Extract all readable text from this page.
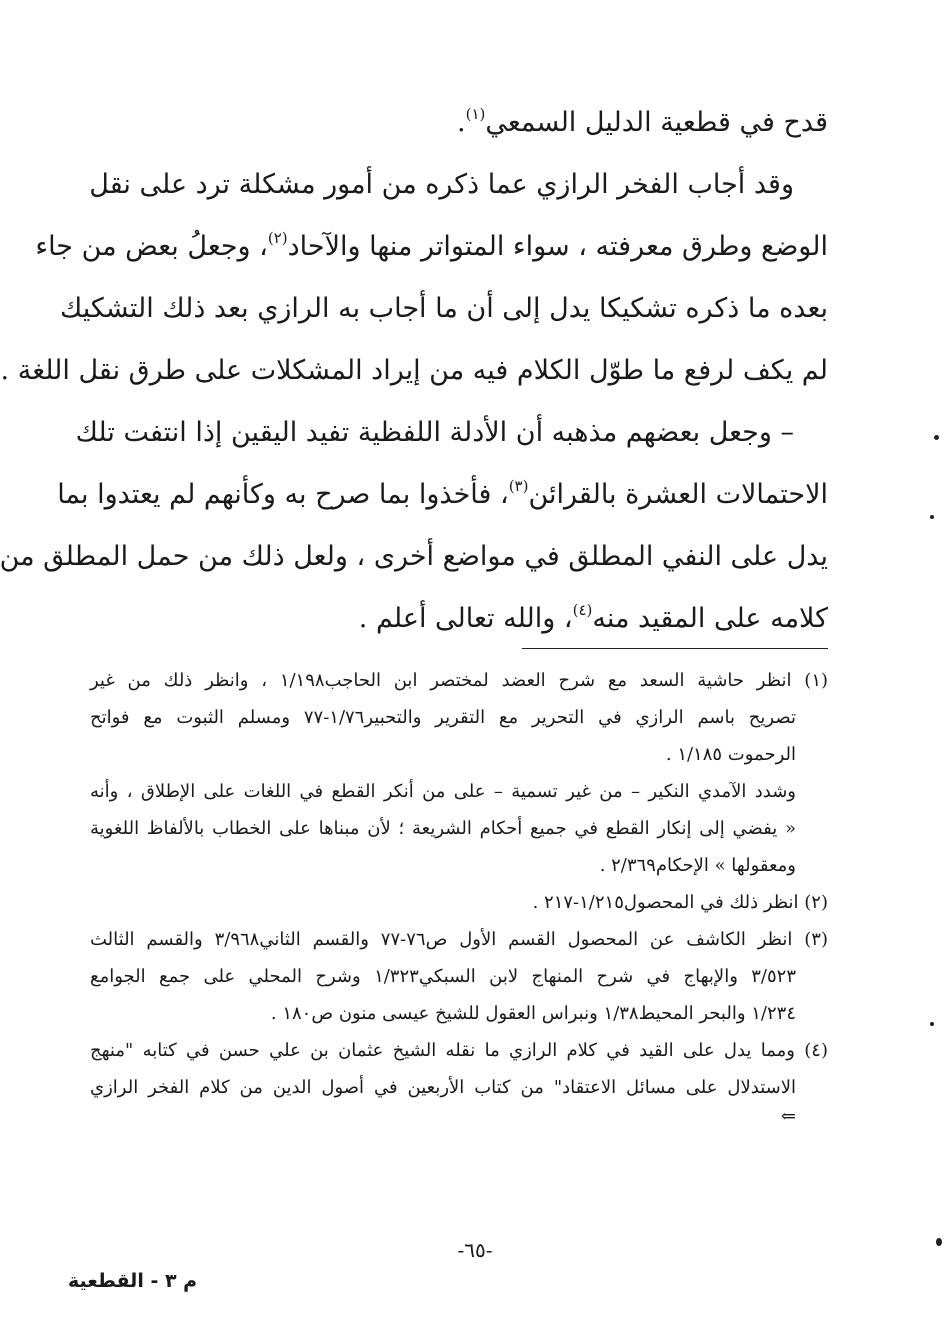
قدح في قطعية الدليل السمعي$^{(١)}$.
وقد أجاب الفخر الرازي عما ذكره من أمور مشكلة ترد على نقل
الوضع وطرق معرفته ، سواء المتواتر منها والآحاد$^{(٢)}$، وجعلُ بعض من جاء
بعده ما ذكره تشكيكا يدل إلى أن ما أجاب به الرازي بعد ذلك التشكيك
لم يكف لرفع ما طوّل الكلام فيه من إيراد المشكلات على طرق نقل اللغة .
– وجعل بعضهم مذهبه أن الأدلة اللفظية تفيد اليقين إذا انتفت تلك
الاحتمالات العشرة بالقرائن$^{(٣)}$، فأخذوا بما صرح به وكأنهم لم يعتدوا بما
يدل على النفي المطلق في مواضع أخرى ، ولعل ذلك من حمل المطلق من
كلامه على المقيد منه$^{(٤)}$، والله تعالى أعلم .
(١) انظر حاشية السعد مع شرح العضد لمختصر ابن الحاجب١/١٩٨ ، وانظر ذلك من غير
تصريح باسم الرازي في التحرير مع التقرير والتحبير١/٧٦-٧٧ ومسلم الثبوت مع فواتح
الرحموت ١/١٨٥ .
وشدد الآمدي النكير – من غير تسمية – على من أنكر القطع في اللغات على الإطلاق ، وأنه
« يفضي إلى إنكار القطع في جميع أحكام الشريعة ؛ لأن مبناها على الخطاب بالألفاظ اللغوية
ومعقولها » الإحكام٢/٣٦٩ .
(٢) انظر ذلك في المحصول١/٢١٥-٢١٧ .
(٣) انظر الكاشف عن المحصول القسم الأول ص٧٦-٧٧ والقسم الثاني٣/٩٦٨ والقسم الثالث
٣/٥٢٣ والإبهاج في شرح المنهاج لابن السبكي١/٣٢٣ وشرح المحلي على جمع الجوامع
١/٢٣٤ والبحر المحيط١/٣٨ ونبراس العقول للشيخ عيسى منون ص١٨٠ .
(٤) ومما يدل على القيد في كلام الرازي ما نقله الشيخ عثمان بن علي حسن في كتابه "منهج
الاستدلال على مسائل الاعتقاد" من كتاب الأربعين في أصول الدين من كلام الفخر الرازي
⇐
-٦٥-
م ٣ - القطعية
